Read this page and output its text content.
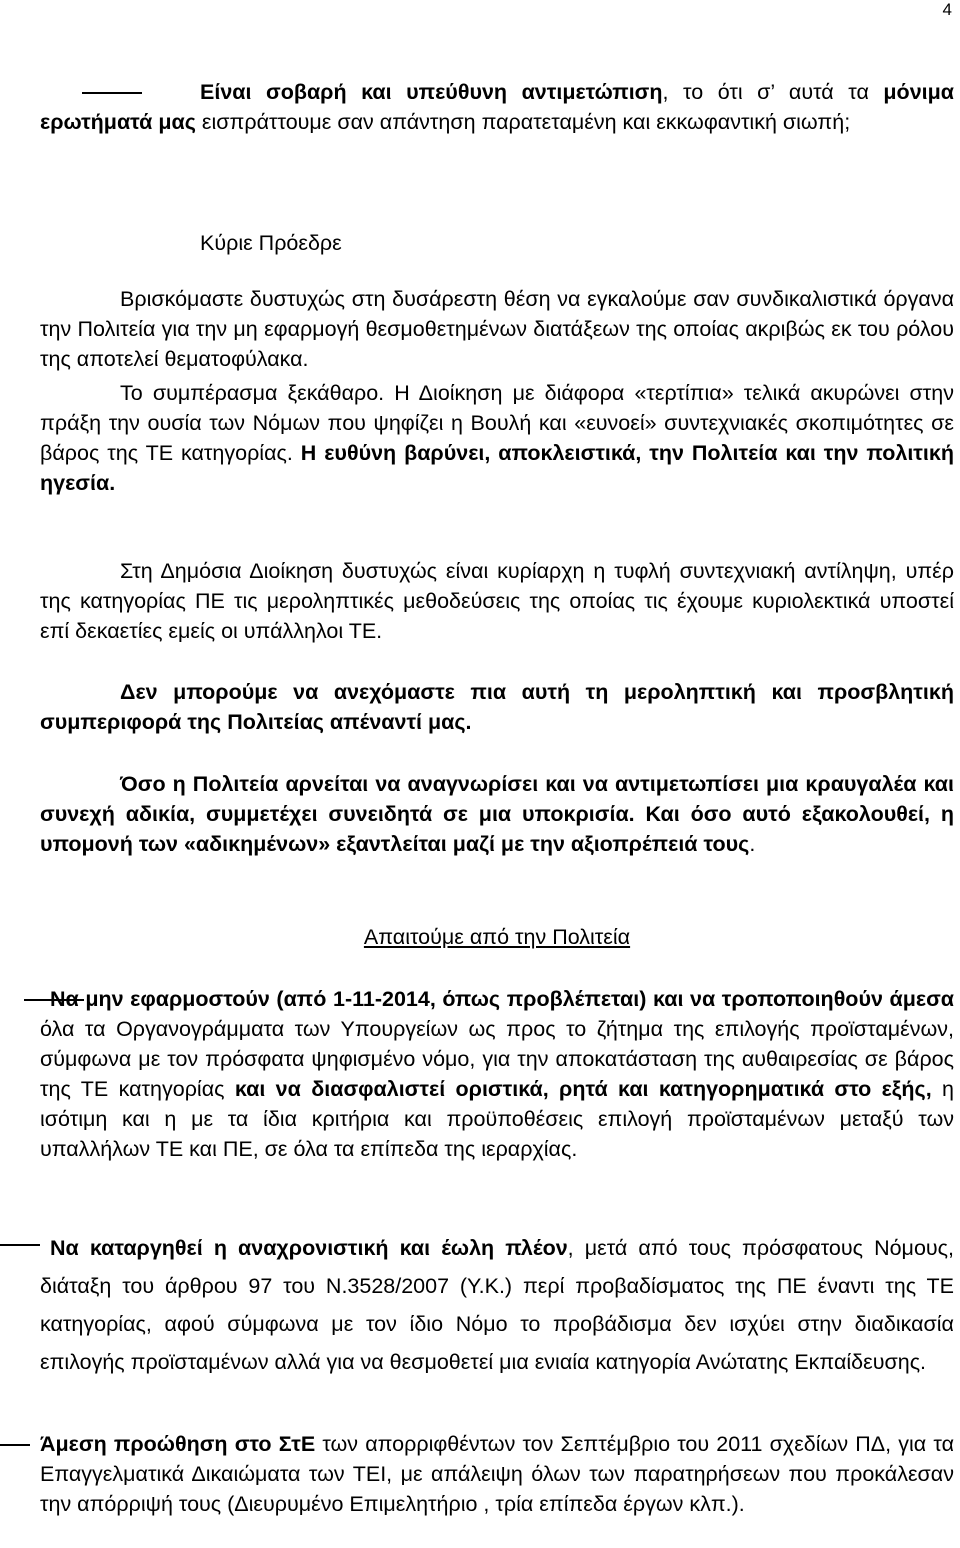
4

Είναι σοβαρή και υπεύθυνη αντιμετώπιση, το ότι σ’ αυτά τα μόνιμα ερωτήματά μας εισπράττουμε σαν απάντηση παρατεταμένη και εκκωφαντική σιωπή;

Κύριε Πρόεδρε

Βρισκόμαστε δυστυχώς στη δυσάρεστη θέση να εγκαλούμε σαν συνδικαλιστικά όργανα την Πολιτεία για την μη εφαρμογή θεσμοθετημένων διατάξεων της οποίας ακριβώς εκ του ρόλου της αποτελεί θεματοφύλακα.

Το συμπέρασμα ξεκάθαρο. Η Διοίκηση με διάφορα «τερτίπια» τελικά ακυρώνει στην πράξη την ουσία των Νόμων που ψηφίζει η Βουλή και «ευνοεί» συντεχνιακές σκοπιμότητες σε βάρος της ΤΕ κατηγορίας. Η ευθύνη βαρύνει, αποκλειστικά, την Πολιτεία και την πολιτική ηγεσία.

Στη Δημόσια Διοίκηση δυστυχώς είναι κυρίαρχη η τυφλή συντεχνιακή αντίληψη, υπέρ της κατηγορίας ΠΕ τις μεροληπτικές μεθοδεύσεις της οποίας τις έχουμε κυριολεκτικά υποστεί επί δεκαετίες εμείς οι υπάλληλοι ΤΕ.

Δεν μπορούμε να ανεχόμαστε πια αυτή τη μεροληπτική και προσβλητική συμπεριφορά της Πολιτείας απέναντί μας.

Όσο η Πολιτεία αρνείται να αναγνωρίσει και να αντιμετωπίσει μια κραυγαλέα και συνεχή αδικία, συμμετέχει συνειδητά σε μια υποκρισία. Και όσο αυτό εξακολουθεί, η υπομονή των «αδικημένων» εξαντλείται μαζί με την αξιοπρέπειά τους.

Απαιτούμε από την Πολιτεία

Να μην εφαρμοστούν (από 1-11-2014, όπως προβλέπεται) και να τροποποιηθούν άμεσα όλα τα Οργανογράμματα των Υπουργείων ως προς το ζήτημα της επιλογής προϊσταμένων, σύμφωνα με τον πρόσφατα ψηφισμένο νόμο, για την αποκατάσταση της αυθαιρεσίας σε βάρος της ΤΕ κατηγορίας και να διασφαλιστεί οριστικά, ρητά και κατηγορηματικά στο εξής, η ισότιμη και η με τα ίδια κριτήρια και προϋποθέσεις επιλογή προϊσταμένων μεταξύ των υπαλλήλων ΤΕ και ΠΕ, σε όλα τα επίπεδα της ιεραρχίας.

Να καταργηθεί η αναχρονιστική και έωλη πλέον, μετά από τους πρόσφατους Νόμους, διάταξη του άρθρου 97 του Ν.3528/2007 (Υ.Κ.) περί προβαδίσματος της ΠΕ έναντι της ΤΕ κατηγορίας, αφού σύμφωνα με τον ίδιο Νόμο το προβάδισμα δεν ισχύει στην διαδικασία επιλογής προϊσταμένων αλλά για να θεσμοθετεί μια ενιαία κατηγορία Ανώτατης Εκπαίδευσης.

Άμεση προώθηση στο ΣτΕ των απορριφθέντων τον Σεπτέμβριο του 2011 σχεδίων ΠΔ, για τα Επαγγελματικά Δικαιώματα των ΤΕΙ, με απάλειψη όλων των παρατηρήσεων που προκάλεσαν την απόρριψή τους (Διευρυμένο Επιμελητήριο , τρία επίπεδα έργων κλπ.).
